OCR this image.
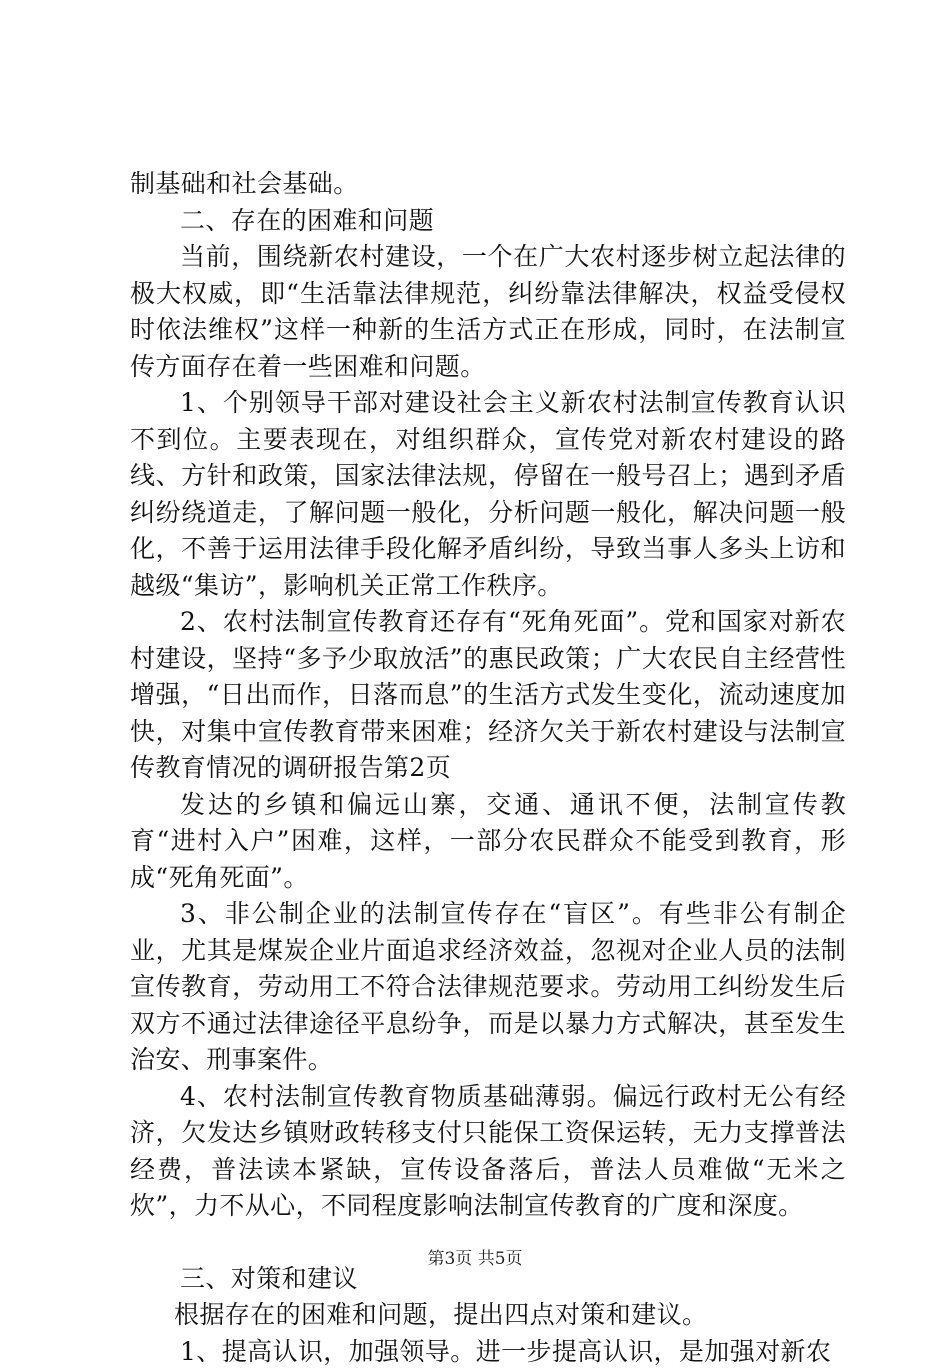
制基础和社会基础。

二、存在的困难和问题

当前，围绕新农村建设，一个在广大农村逐步树立起法律的极大权威，即“生活靠法律规范，纠纷靠法律解决，权益受侵权时依法维权”这样一种新的生活方式正在形成，同时，在法制宣传方面存在着一些困难和问题。

1、个别领导干部对建设社会主义新农村法制宣传教育认识不到位。主要表现在，对组织群众，宣传党对新农村建设的路线、方针和政策，国家法律法规，停留在一般号召上；遇到矛盾纠纷绕道走，了解问题一般化，分析问题一般化，解决问题一般化，不善于运用法律手段化解矛盾纠纷，导致当事人多头上访和越级“集访”，影响机关正常工作秩序。

2、农村法制宣传教育还存有“死角死面”。党和国家对新农村建设，坚持“多予少取放活”的惠民政策；广大农民自主经营性增强，“日出而作，日落而息”的生活方式发生变化，流动速度加快，对集中宣传教育带来困难；经济欠关于新农村建设与法制宣传教育情况的调研报告第2页

发达的乡镇和偏远山寨，交通、通讯不便，法制宣传教育“进村入户”困难，这样，一部分农民群众不能受到教育，形成“死角死面”。

3、非公制企业的法制宣传存在“盲区”。有些非公有制企业，尤其是煤炭企业片面追求经济效益，忽视对企业人员的法制宣传教育，劳动用工不符合法律规范要求。劳动用工纠纷发生后双方不通过法律途径平息纷争，而是以暴力方式解决，甚至发生治安、刑事案件。

4、农村法制宣传教育物质基础薄弱。偏远行政村无公有经济，欠发达乡镇财政转移支付只能保工资保运转，无力支撑普法经费，普法读本紧缺，宣传设备落后，普法人员难做“无米之炊”，力不从心，不同程度影响法制宣传教育的广度和深度。

三、对策和建议

根据存在的困难和问题，提出四点对策和建议。

1、提高认识，加强领导。进一步提高认识，是加强对新农

第3页 共5页
